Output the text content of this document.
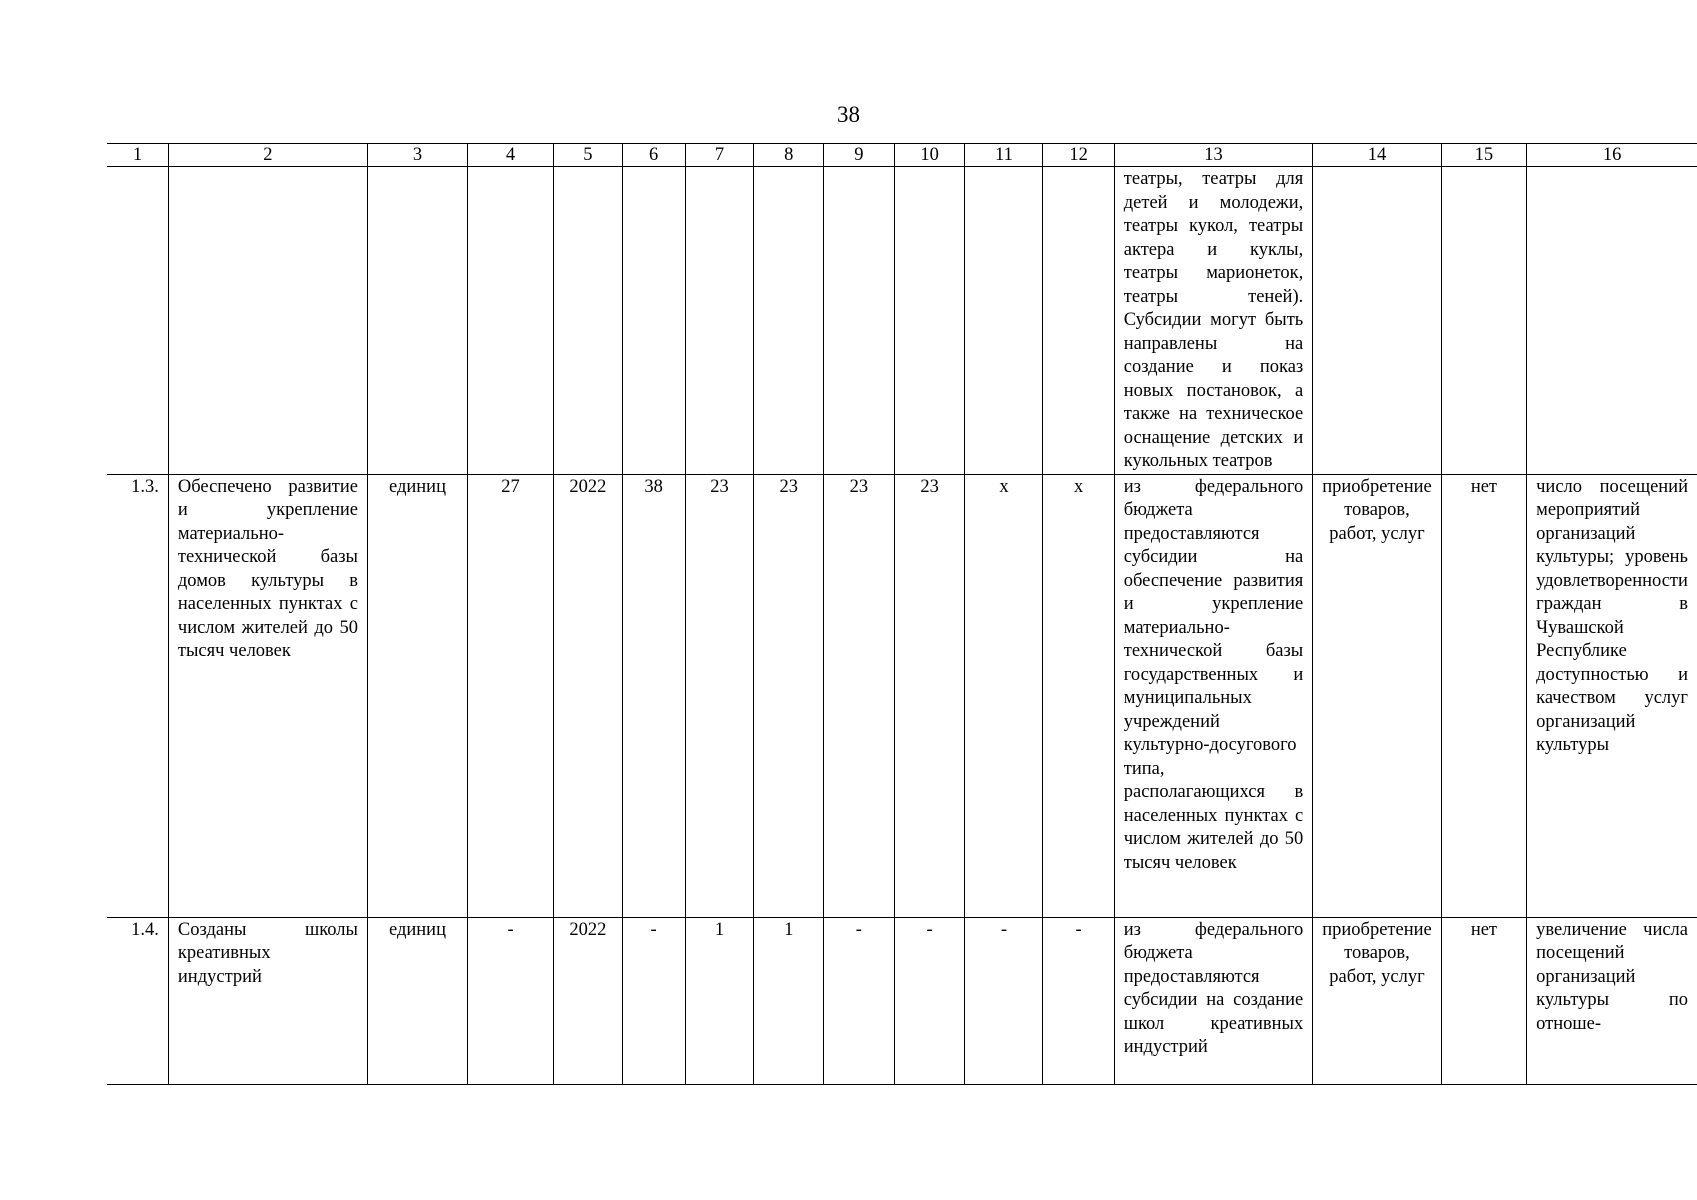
38
1	2	3	4	5	6	7	8	9	10	11	12	13	14	15	16
												театры, театры для детей и молодежи, театры кукол, театры актера и куклы, театры марионеток, театры теней). Субсидии могут быть направлены на создание и показ новых постановок, а также на техническое оснащение детских и кукольных театров			
1.3.	Обеспечено развитие и укрепление материально-технической базы домов культуры в населенных пунктах с числом жителей до 50 тысяч человек	единиц	27	2022	38	23	23	23	23	х	х	из федерального бюджета предоставляются субсидии на обеспечение развития и укрепление материально-технической базы государственных и муниципальных учреждений культурно-досугового типа, располагающихся в населенных пунктах с числом жителей до 50 тысяч человек	приобретение товаров, работ, услуг	нет	число посещений мероприятий организаций культуры; уровень удовлетворенности граждан в Чувашской Республике доступностью и качеством услуг организаций культуры
1.4.	Созданы школы креативных индустрий	единиц	-	2022	-	1	1	-	-	-	-	из федерального бюджета предоставляются субсидии на создание школ креативных индустрий	приобретение товаров, работ, услуг	нет	увеличение числа посещений организаций культуры по отноше-
